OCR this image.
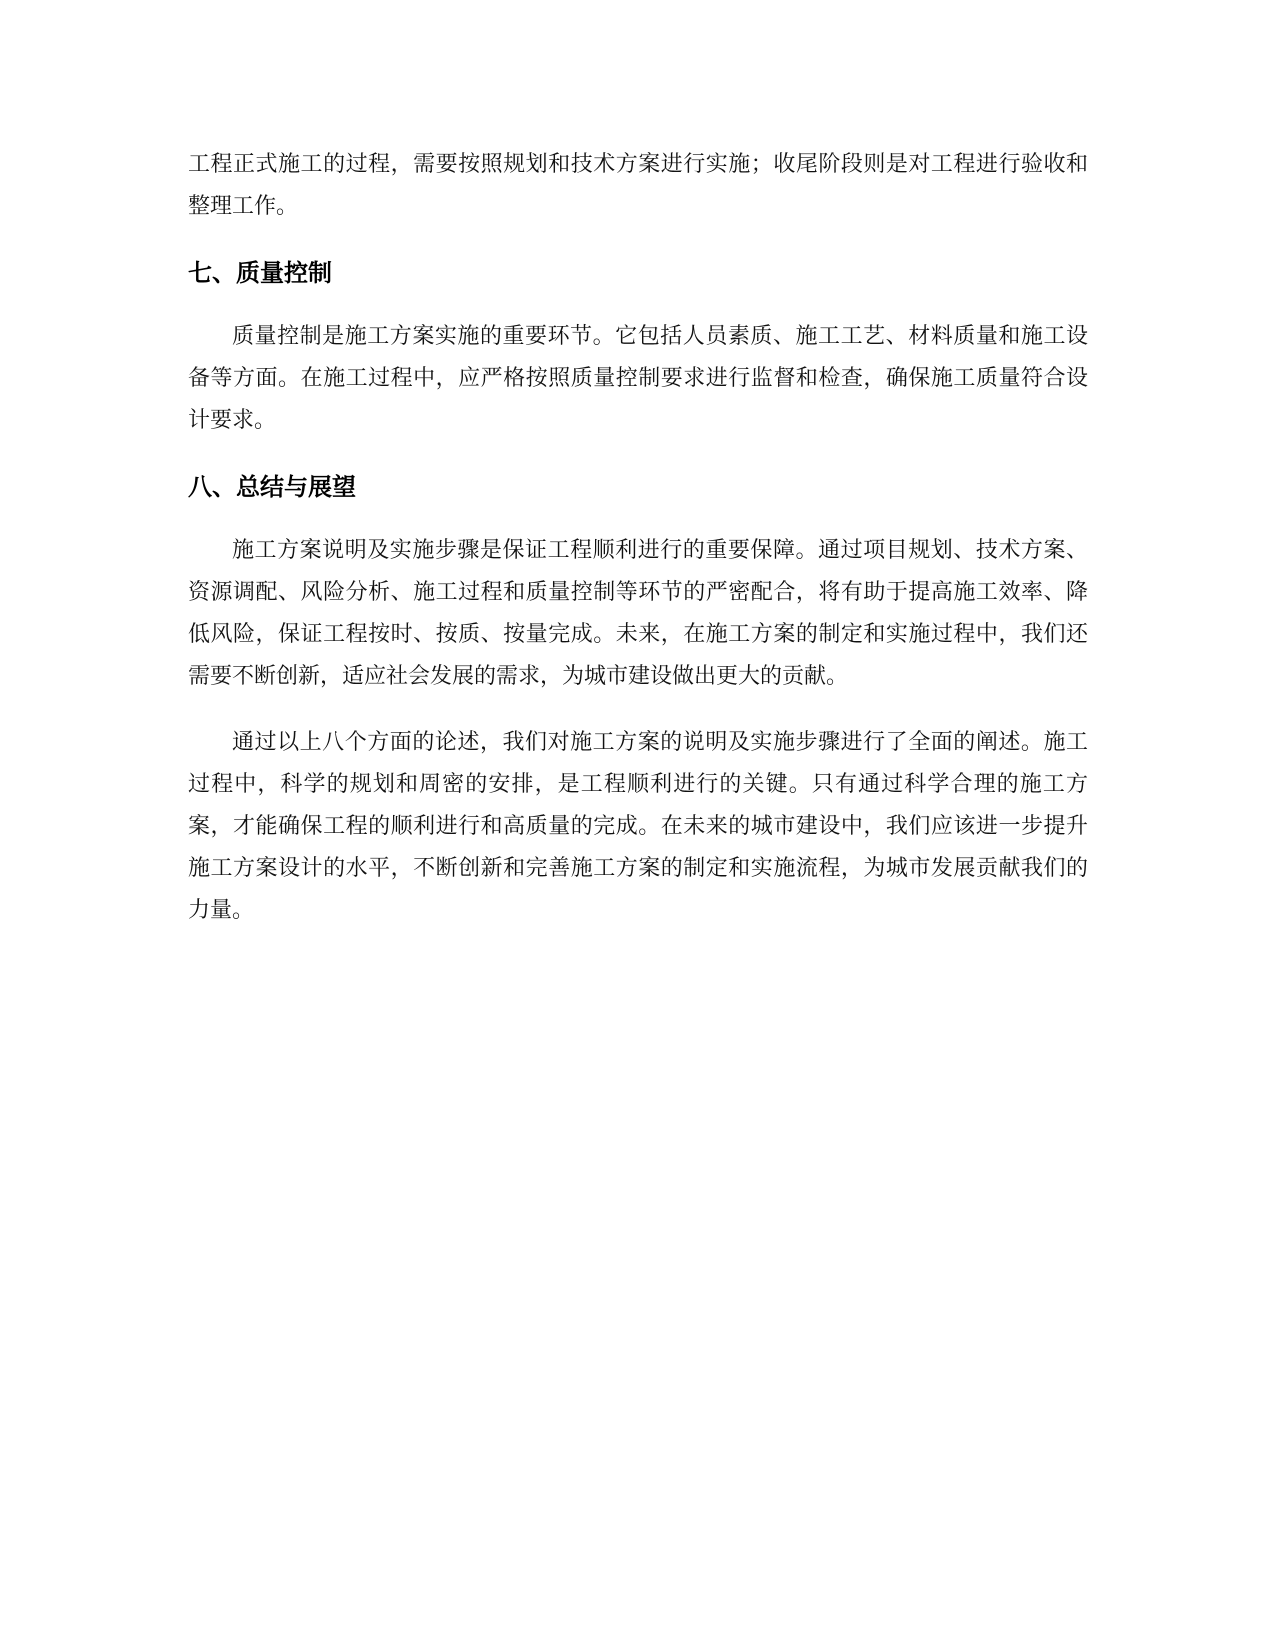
工程正式施工的过程，需要按照规划和技术方案进行实施；收尾阶段则是对工程进行验收和整理工作。

七、质量控制

质量控制是施工方案实施的重要环节。它包括人员素质、施工工艺、材料质量和施工设备等方面。在施工过程中，应严格按照质量控制要求进行监督和检查，确保施工质量符合设计要求。

八、总结与展望

施工方案说明及实施步骤是保证工程顺利进行的重要保障。通过项目规划、技术方案、资源调配、风险分析、施工过程和质量控制等环节的严密配合，将有助于提高施工效率、降低风险，保证工程按时、按质、按量完成。未来，在施工方案的制定和实施过程中，我们还需要不断创新，适应社会发展的需求，为城市建设做出更大的贡献。

通过以上八个方面的论述，我们对施工方案的说明及实施步骤进行了全面的阐述。施工过程中，科学的规划和周密的安排，是工程顺利进行的关键。只有通过科学合理的施工方案，才能确保工程的顺利进行和高质量的完成。在未来的城市建设中，我们应该进一步提升施工方案设计的水平，不断创新和完善施工方案的制定和实施流程，为城市发展贡献我们的力量。
